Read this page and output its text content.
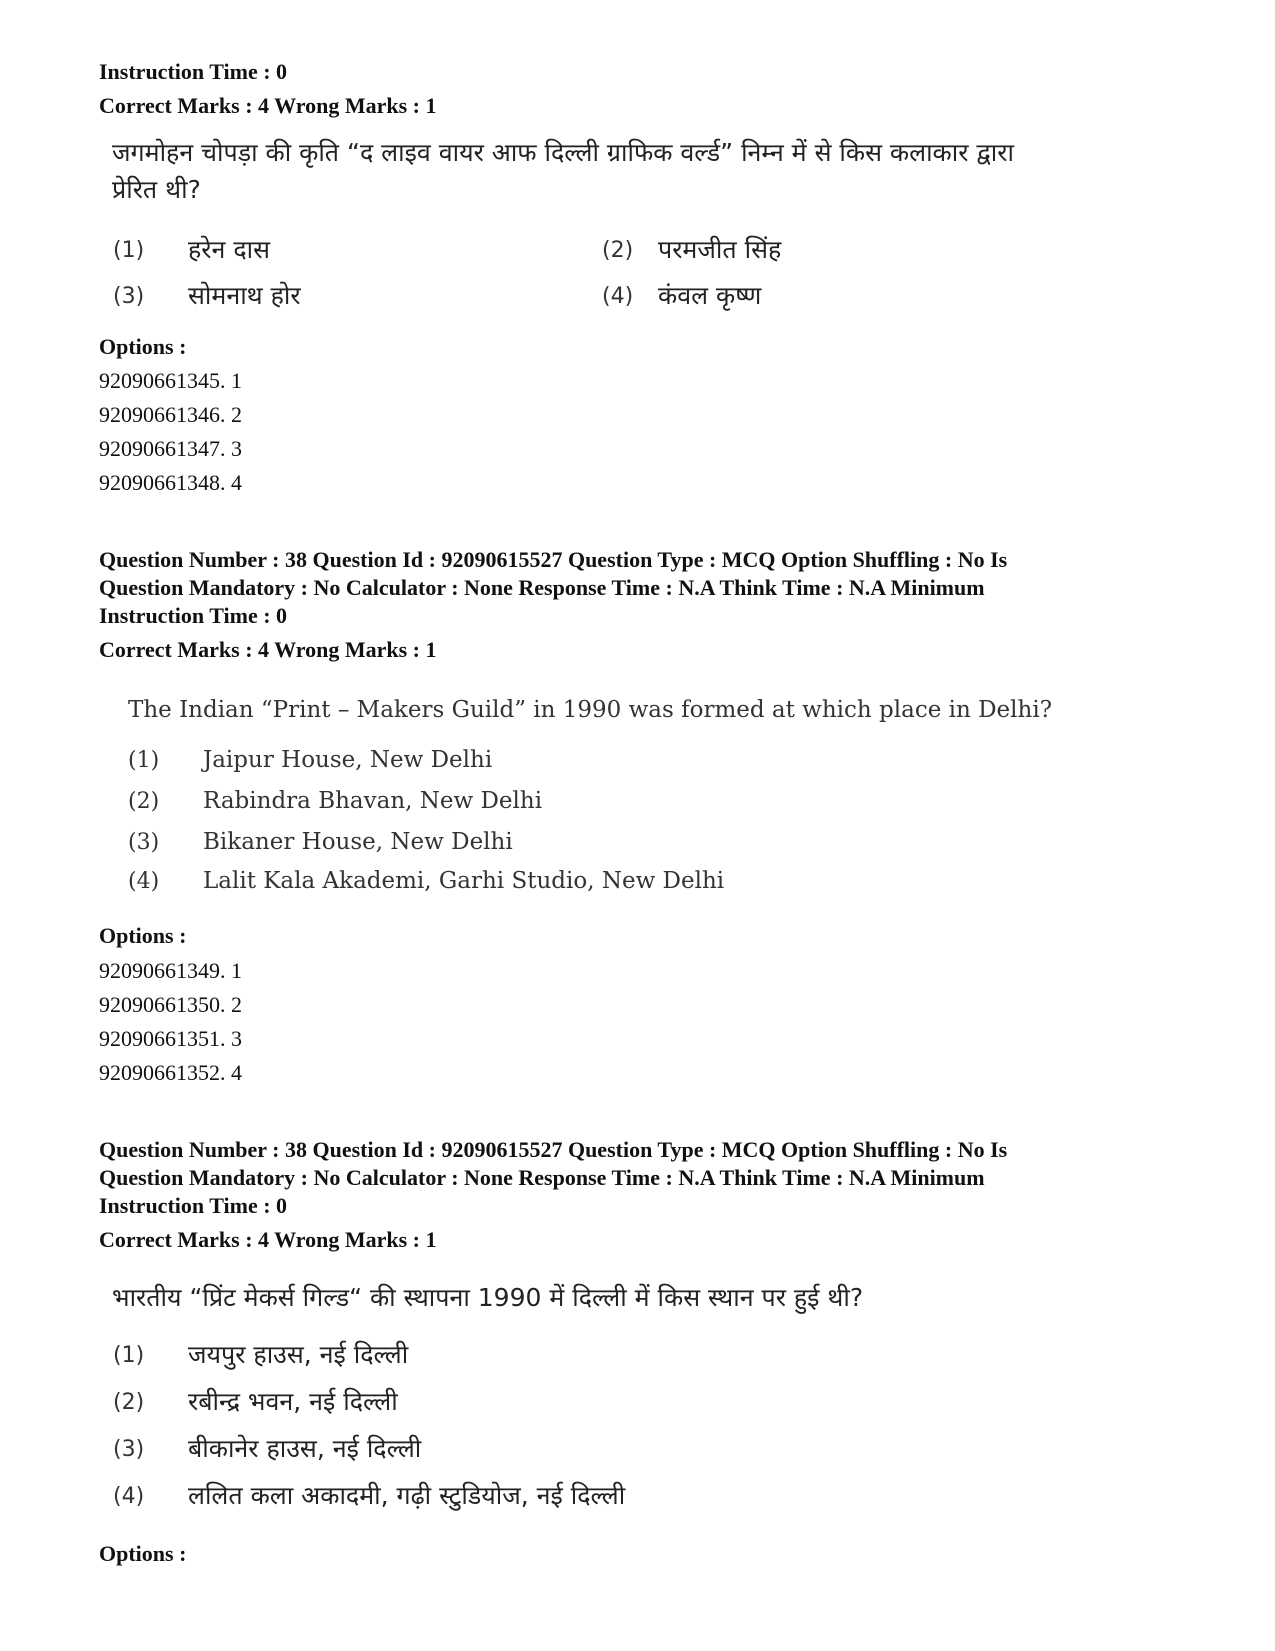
Instruction Time : 0
Correct Marks : 4 Wrong Marks : 1
जगमोहन चोपड़ा की कृति “द लाइव वायर आफ दिल्ली ग्राफिक वर्ल्ड” निम्न में से किस कलाकार द्वारा
प्रेरित थी?
(1) हरेन दास	(2) परमजीत सिंह
(3) सोमनाथ होर	(4) कंवल कृष्ण
Options :
92090661345. 1
92090661346. 2
92090661347. 3
92090661348. 4
Question Number : 38 Question Id : 92090615527 Question Type : MCQ Option Shuffling : No Is
Question Mandatory : No Calculator : None Response Time : N.A Think Time : N.A Minimum
Instruction Time : 0
Correct Marks : 4 Wrong Marks : 1
The Indian “Print – Makers Guild” in 1990 was formed at which place in Delhi?
(1) Jaipur House, New Delhi
(2) Rabindra Bhavan, New Delhi
(3) Bikaner House, New Delhi
(4) Lalit Kala Akademi, Garhi Studio, New Delhi
Options :
92090661349. 1
92090661350. 2
92090661351. 3
92090661352. 4
Question Number : 38 Question Id : 92090615527 Question Type : MCQ Option Shuffling : No Is
Question Mandatory : No Calculator : None Response Time : N.A Think Time : N.A Minimum
Instruction Time : 0
Correct Marks : 4 Wrong Marks : 1
भारतीय “प्रिंट मेकर्स गिल्ड“ की स्थापना 1990 में दिल्ली में किस स्थान पर हुई थी?
(1) जयपुर हाउस, नई दिल्ली
(2) रबीन्द्र भवन, नई दिल्ली
(3) बीकानेर हाउस, नई दिल्ली
(4) ललित कला अकादमी, गढ़ी स्टुडियोज, नई दिल्ली
Options :
